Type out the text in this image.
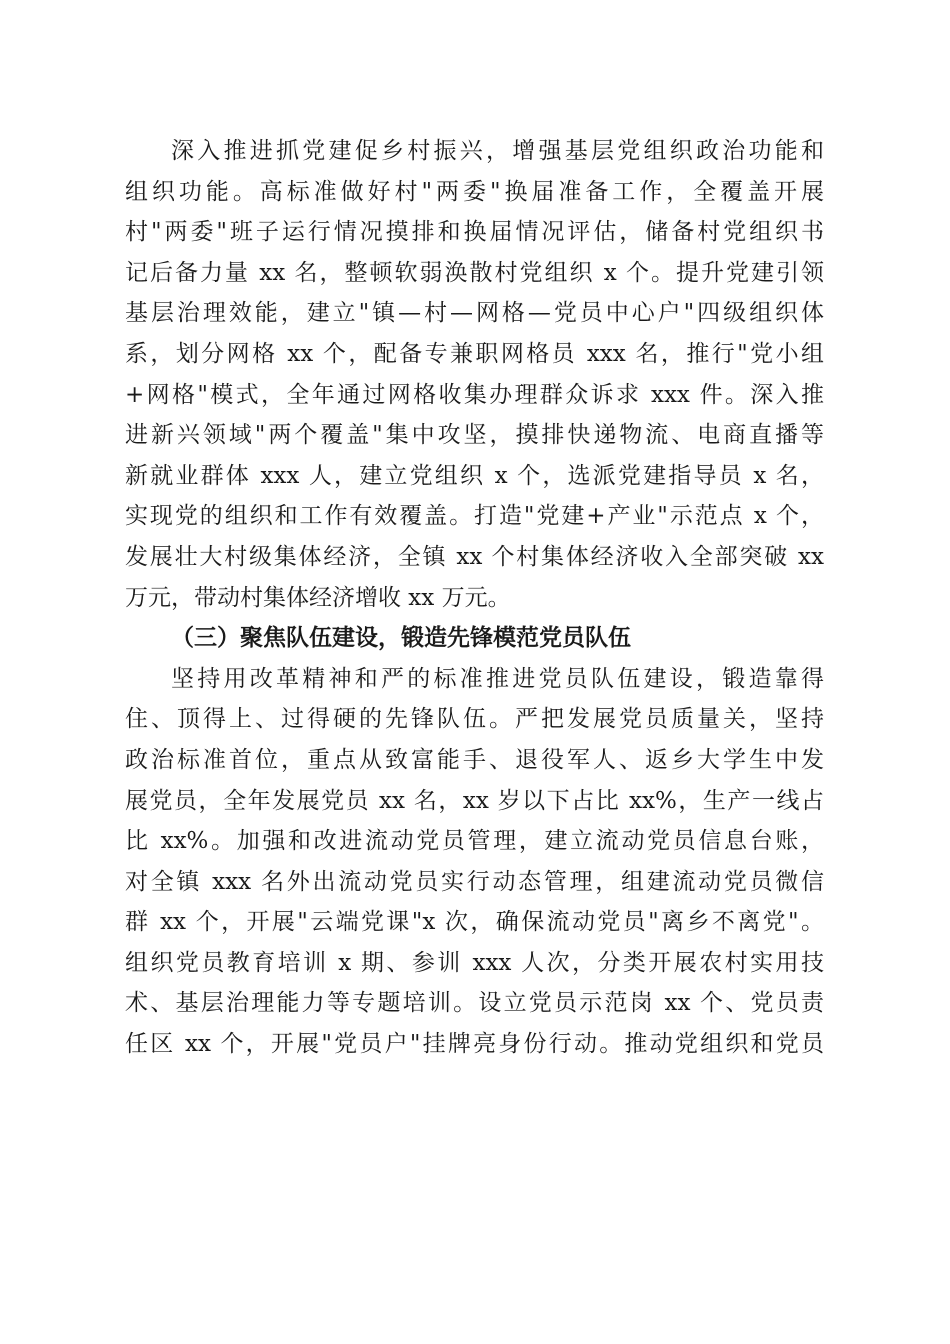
深入推进抓党建促乡村振兴，增强基层党组织政治功能和
组织功能。高标准做好村"两委"换届准备工作，全覆盖开展
村"两委"班子运行情况摸排和换届情况评估，储备村党组织书
记后备力量 xx 名，整顿软弱涣散村党组织 x 个。提升党建引领
基层治理效能，建立"镇—村—网格—党员中心户"四级组织体
系，划分网格 xx 个，配备专兼职网格员 xxx 名，推行"党小组
+网格"模式，全年通过网格收集办理群众诉求 xxx 件。深入推
进新兴领域"两个覆盖"集中攻坚，摸排快递物流、电商直播等
新就业群体 xxx 人，建立党组织 x 个，选派党建指导员 x 名，
实现党的组织和工作有效覆盖。打造"党建+产业"示范点 x 个，
发展壮大村级集体经济，全镇 xx 个村集体经济收入全部突破 xx
万元，带动村集体经济增收 xx 万元。
（三）聚焦队伍建设，锻造先锋模范党员队伍
坚持用改革精神和严的标准推进党员队伍建设，锻造靠得
住、顶得上、过得硬的先锋队伍。严把发展党员质量关，坚持
政治标准首位，重点从致富能手、退役军人、返乡大学生中发
展党员，全年发展党员 xx 名，xx 岁以下占比 xx%，生产一线占
比 xx%。加强和改进流动党员管理，建立流动党员信息台账，
对全镇 xxx 名外出流动党员实行动态管理，组建流动党员微信
群 xx 个，开展"云端党课"x 次，确保流动党员"离乡不离党"。
组织党员教育培训 x 期、参训 xxx 人次，分类开展农村实用技
术、基层治理能力等专题培训。设立党员示范岗 xx 个、党员责
任区 xx 个，开展"党员户"挂牌亮身份行动。推动党组织和党员
